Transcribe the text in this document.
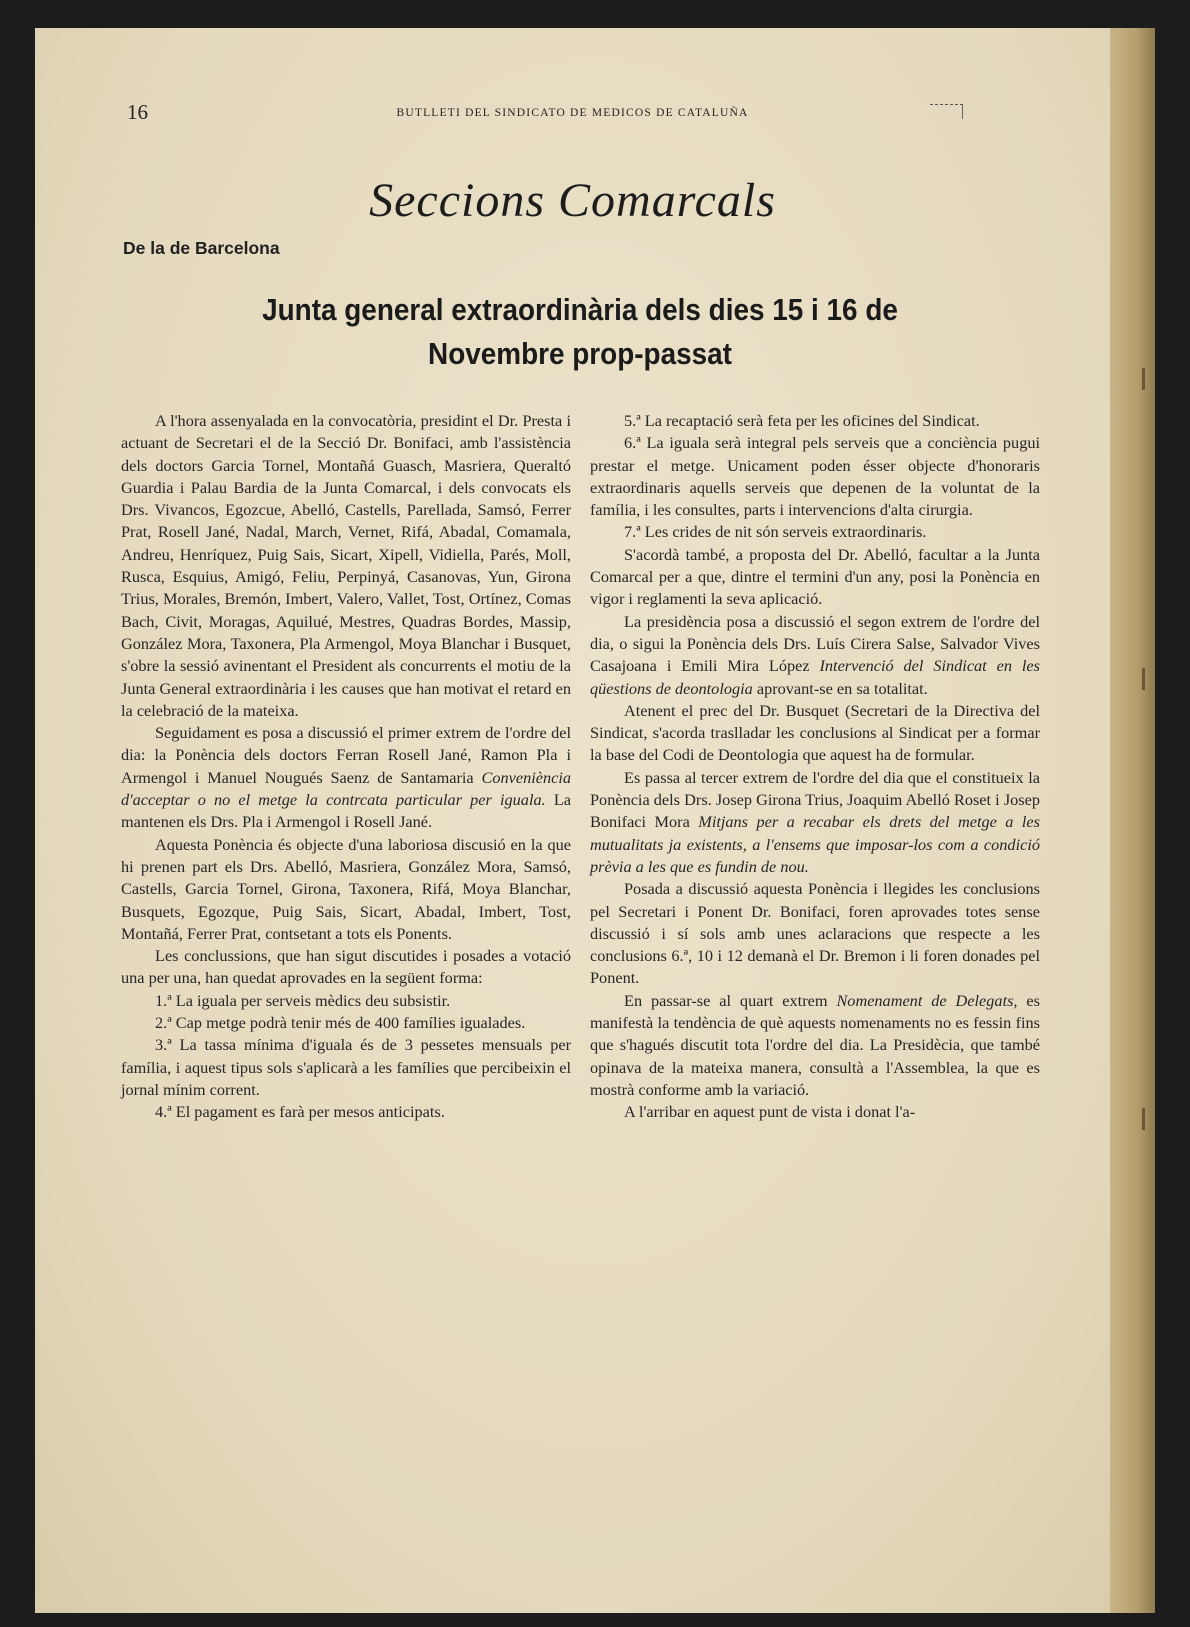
16	BUTLLETI DEL SINDICATO DE MEDICOS DE CATALUÑA
Seccions Comarcals
De la de Barcelona
Junta general extraordinària dels dies 15 i 16 de Novembre prop-passat

A l'hora assenyalada en la convocatòria, presidint el Dr. Presta i actuant de Secretari el de la Secció Dr. Bonifaci, amb l'assistència dels doctors Garcia Tornel, Montañá Guasch, Masriera, Queraltó Guardia i Palau Bardia de la Junta Comarcal, i dels convocats els Drs. Vivancos, Egozcue, Abelló, Castells, Parellada, Samsó, Ferrer Prat, Rosell Jané, Nadal, March, Vernet, Rifá, Abadal, Comamala, Andreu, Henríquez, Puig Sais, Sicart, Xipell, Vidiella, Parés, Moll, Rusca, Esquius, Amigó, Feliu, Perpinyá, Casanovas, Yun, Girona Trius, Morales, Bremón, Imbert, Valero, Vallet, Tost, Ortínez, Comas Bach, Civit, Moragas, Aquilué, Mestres, Quadras Bordes, Massip, González Mora, Taxonera, Pla Armengol, Moya Blanchar i Busquet, s'obre la sessió avinentant el President als concurrents el motiu de la Junta General extraordinària i les causes que han motivat el retard en la celebració de la mateixa.

Seguidament es posa a discussió el primer extrem de l'ordre del dia: la Ponència dels doctors Ferran Rosell Jané, Ramon Pla i Armengol i Manuel Nougués Saenz de Santamaria Conveniència d'acceptar o no el metge la contrcata particular per iguala. La mantenen els Drs. Pla i Armengol i Rosell Jané.

Aquesta Ponència és objecte d'una laboriosa discusió en la que hi prenen part els Drs. Abelló, Masriera, González Mora, Samsó, Castells, Garcia Tornel, Girona, Taxonera, Rifá, Moya Blanchar, Busquets, Egozque, Puig Sais, Sicart, Abadal, Imbert, Tost, Montañá, Ferrer Prat, contsetant a tots els Ponents.

Les conclussions, que han sigut discutides i posades a votació una per una, han quedat aprovades en la següent forma:

1.ª La iguala per serveis mèdics deu subsistir.

2.ª Cap metge podrà tenir més de 400 famílies igualades.

3.ª La tassa mínima d'iguala és de 3 pessetes mensuals per família, i aquest tipus sols s'aplicarà a les famílies que percibeixin el jornal mínim corrent.

4.ª El pagament es farà per mesos anticipats.

5.ª La recaptació serà feta per les oficines del Sindicat.

6.ª La iguala serà integral pels serveis que a conciència pugui prestar el metge. Unicament poden ésser objecte d'honoraris extraordinaris aquells serveis que depenen de la voluntat de la família, i les consultes, parts i intervencions d'alta cirurgia.

7.ª Les crides de nit són serveis extraordinaris.

S'acordà també, a proposta del Dr. Abelló, facultar a la Junta Comarcal per a que, dintre el termini d'un any, posi la Ponència en vigor i reglamenti la seva aplicació.

La presidència posa a discussió el segon extrem de l'ordre del dia, o sigui la Ponència dels Drs. Luís Cirera Salse, Salvador Vives Casajoana i Emili Mira López Intervenció del Sindicat en les qüestions de deontologia aprovant-se en sa totalitat.

Atenent el prec del Dr. Busquet (Secretari de la Directiva del Sindicat, s'acorda traslladar les conclusions al Sindicat per a formar la base del Codi de Deontologia que aquest ha de formular.

Es passa al tercer extrem de l'ordre del dia que el constitueix la Ponència dels Drs. Josep Girona Trius, Joaquim Abelló Roset i Josep Bonifaci Mora Mitjans per a recabar els drets del metge a les mutualitats ja existents, a l'ensems que imposar-los com a condició prèvia a les que es fundin de nou.

Posada a discussió aquesta Ponència i llegides les conclusions pel Secretari i Ponent Dr. Bonifaci, foren aprovades totes sense discussió i sí sols amb unes aclaracions que respecte a les conclusions 6.ª, 10 i 12 demanà el Dr. Bremon i li foren donades pel Ponent.

En passar-se al quart extrem Nomenament de Delegats, es manifestà la tendència de què aquests nomenaments no es fessin fins que s'hagués discutit tota l'ordre del dia. La Presidècia, que també opinava de la mateixa manera, consultà a l'Assemblea, la que es mostrà conforme amb la variació.

A l'arribar en aquest punt de vista i donat l'a-
